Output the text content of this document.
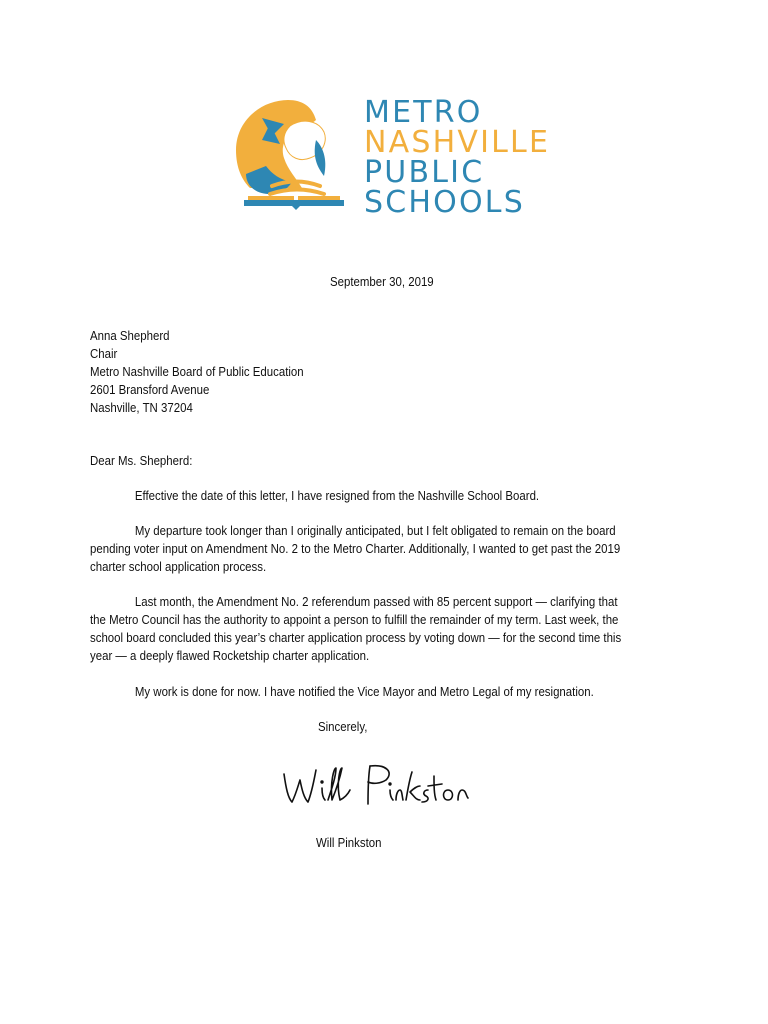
METRO
NASHVILLE
PUBLIC
SCHOOLS
September 30, 2019
Anna Shepherd
Chair
Metro Nashville Board of Public Education
2601 Bransford Avenue
Nashville, TN 37204
Dear Ms. Shepherd:
Effective the date of this letter, I have resigned from the Nashville School Board.
My departure took longer than I originally anticipated, but I felt obligated to remain on the board
pending voter input on Amendment No. 2 to the Metro Charter. Additionally, I wanted to get past the 2019
charter school application process.
Last month, the Amendment No. 2 referendum passed with 85 percent support — clarifying that
the Metro Council has the authority to appoint a person to fulfill the remainder of my term. Last week, the
school board concluded this year’s charter application process by voting down — for the second time this
year — a deeply flawed Rocketship charter application.
My work is done for now. I have notified the Vice Mayor and Metro Legal of my resignation.
Sincerely,
Will Pinkston
